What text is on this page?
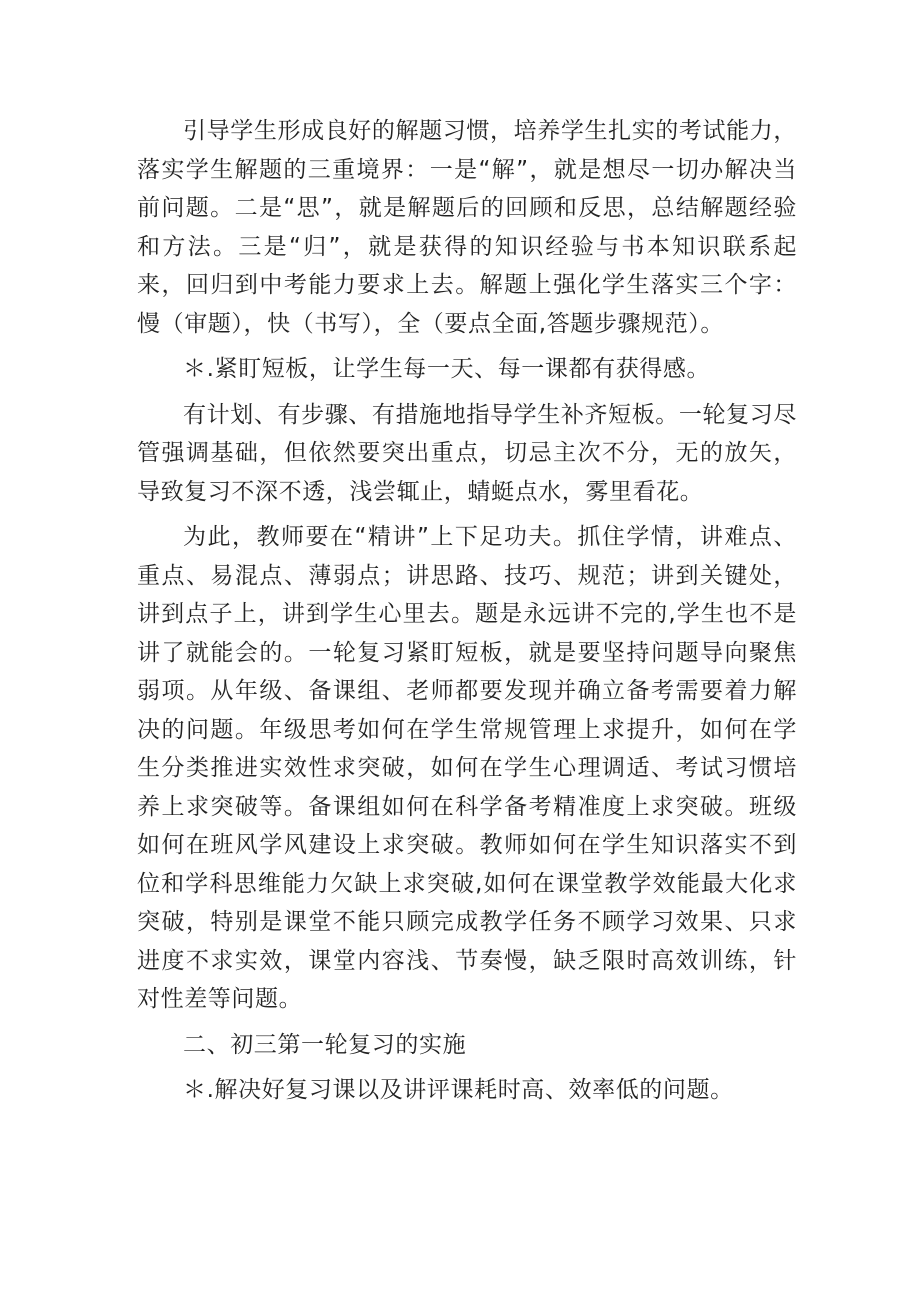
引导学生形成良好的解题习惯，培养学生扎实的考试能力，落实学生解题的三重境界：一是“解”，就是想尽一切办解决当前问题。二是“思”，就是解题后的回顾和反思，总结解题经验和方法。三是“归”，就是获得的知识经验与书本知识联系起来，回归到中考能力要求上去。解题上强化学生落实三个字：慢（审题），快（书写），全（要点全面,答题步骤规范）。

＊.紧盯短板，让学生每一天、每一课都有获得感。

有计划、有步骤、有措施地指导学生补齐短板。一轮复习尽管强调基础，但依然要突出重点，切忌主次不分，无的放矢，导致复习不深不透，浅尝辄止，蜻蜓点水，雾里看花。

为此，教师要在“精讲”上下足功夫。抓住学情，讲难点、重点、易混点、薄弱点；讲思路、技巧、规范；讲到关键处，讲到点子上，讲到学生心里去。题是永远讲不完的,学生也不是讲了就能会的。一轮复习紧盯短板，就是要坚持问题导向聚焦弱项。从年级、备课组、老师都要发现并确立备考需要着力解决的问题。年级思考如何在学生常规管理上求提升，如何在学生分类推进实效性求突破，如何在学生心理调适、考试习惯培养上求突破等。备课组如何在科学备考精准度上求突破。班级如何在班风学风建设上求突破。教师如何在学生知识落实不到位和学科思维能力欠缺上求突破,如何在课堂教学效能最大化求突破，特别是课堂不能只顾完成教学任务不顾学习效果、只求进度不求实效，课堂内容浅、节奏慢，缺乏限时高效训练，针对性差等问题。

二、初三第一轮复习的实施

＊.解决好复习课以及讲评课耗时高、效率低的问题。
